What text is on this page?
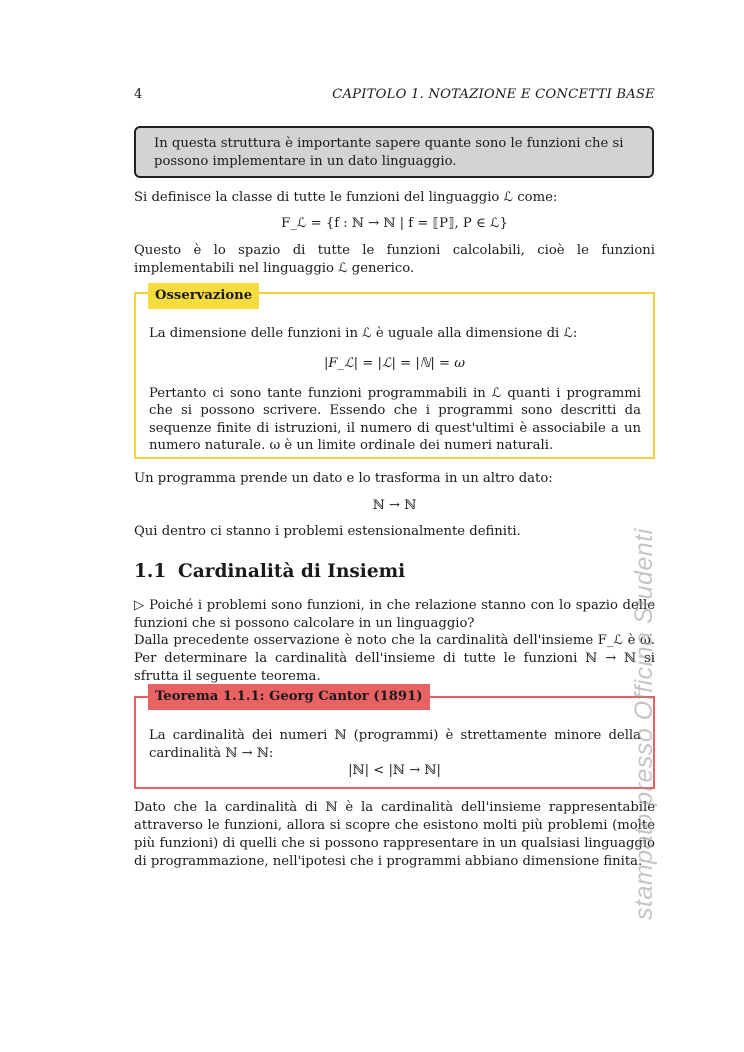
4	CAPITOLO 1. NOTAZIONE E CONCETTI BASE
In questa struttura è importante sapere quante sono le funzioni che si possono implementare in un dato linguaggio.
Si definisce la classe di tutte le funzioni del linguaggio ℒ come:
F_ℒ = {f : ℕ → ℕ | f = ⟦P⟧, P ∈ ℒ}
Questo è lo spazio di tutte le funzioni calcolabili, cioè le funzioni implementabili nel linguaggio ℒ generico.
Osservazione
La dimensione delle funzioni in ℒ è uguale alla dimensione di ℒ:
|F_ℒ| = |ℒ| = |ℕ| = ω
Pertanto ci sono tante funzioni programmabili in ℒ quanti i programmi che si possono scrivere. Essendo che i programmi sono descritti da sequenze finite di istruzioni, il numero di quest'ultimi è associabile a un numero naturale. ω è un limite ordinale dei numeri naturali.
Un programma prende un dato e lo trasforma in un altro dato:
ℕ → ℕ
Qui dentro ci stanno i problemi estensionalmente definiti.
1.1 Cardinalità di Insiemi
▷ Poiché i problemi sono funzioni, in che relazione stanno con lo spazio delle funzioni che si possono calcolare in un linguaggio?
Dalla precedente osservazione è noto che la cardinalità dell'insieme F_ℒ è ω. Per determinare la cardinalità dell'insieme di tutte le funzioni ℕ → ℕ si sfrutta il seguente teorema.
Teorema 1.1.1: Georg Cantor (1891)
La cardinalità dei numeri ℕ (programmi) è strettamente minore della cardinalità ℕ → ℕ:
|ℕ| < |ℕ → ℕ|
Dato che la cardinalità di ℕ è la cardinalità dell'insieme rappresentabile attraverso le funzioni, allora si scopre che esistono molti più problemi (molte più funzioni) di quelli che si possono rappresentare in un qualsiasi linguaggio di programmazione, nell'ipotesi che i programmi abbiano dimensione finita.
stampato presso Officina Studenti
